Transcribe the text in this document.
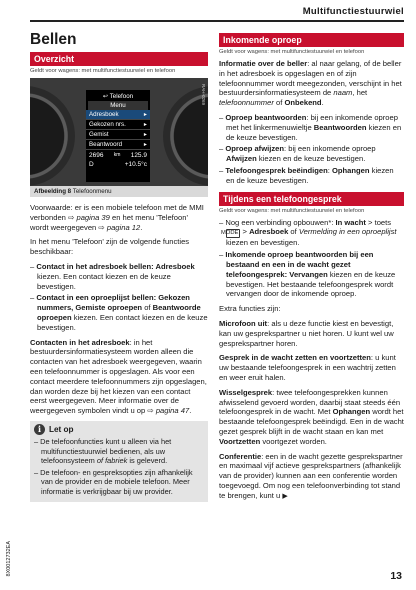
Multifunctiestuurwiel
Bellen
Overzicht
Geldt voor wagens: met multifunctiestuurwiel en telefoon
↩ Telefoon
Menu
Adresboek	▸
Gekozen nrs.	▸
Gemist	▸
Beantwoord	▸
2696 km 125.9
D	+10.5°c
RAH-0269
Afbeelding 8 Telefoonmenu

Voorwaarde: er is een mobiele telefoon met de MMI verbonden ⇨ pagina 39 en het menu 'Telefoon' wordt weergegeven ⇨ pagina 12.

In het menu 'Telefoon' zijn de volgende functies beschikbaar:

– Contact in het adresboek bellen: Adresboek kiezen. Een contact kiezen en de keuze bevestigen.
– Contact in een oproeplijst bellen: Gekozen nummers, Gemiste oproepen of Beantwoorde oproepen kiezen. Een contact kiezen en de keuze bevestigen.

Contacten in het adresboek: in het bestuurdersinformatiesysteem worden alleen die contacten van het adresboek weergegeven, waarin een telefoonnummer is opgeslagen. Als voor een contact meerdere telefoonnummers zijn opgeslagen, dan worden deze bij het kiezen van een contact eerst weergegeven. Meer informatie over de weergegeven symbolen vindt u op ⇨ pagina 47.

i Let op
– De telefoonfuncties kunt u alleen via het multifunctiestuurwiel bedienen, als uw telefoonsysteem of fabriek is geleverd.
– De telefoon- en gespreksopties zijn afhankelijk van de provider en de mobiele telefoon. Meer informatie is verkrijgbaar bij uw provider.
Inkomende oproep
Geldt voor wagens: met multifunctiestuurwiel en telefoon

Informatie over de beller: al naar gelang, of de beller in het adresboek is opgeslagen en of zijn telefoonnummer wordt meegezonden, verschijnt in het bestuurdersinformatiesysteem de naam, het telefoonnummer of Onbekend.

– Oproep beantwoorden: bij een inkomende oproep met het linkermenuwieltje Beantwoorden kiezen en de keuze bevestigen.
– Oproep afwijzen: bij een inkomende oproep Afwijzen kiezen en de keuze bevestigen.
– Telefoongesprek beëindigen: Ophangen kiezen en de keuze bevestigen.
Tijdens een telefoongesprek
Geldt voor wagens: met multifunctiestuurwiel en telefoon
– Nog een verbinding opbouwen*: In wacht > toets MODE > Adresboek of Vermelding in een oproeplijst kiezen en bevestigen.
– Inkomende oproep beantwoorden bij een bestaand en een in de wacht gezet telefoongesprek: Vervangen kiezen en de keuze bevestigen. Het bestaande telefoongesprek wordt vervangen door de inkomende oproep.

Extra functies zijn:

Microfoon uit: als u deze functie kiest en bevestigt, kan uw gesprekspartner u niet horen. U kunt wel uw gesprekspartner horen.

Gesprek in de wacht zetten en voortzetten: u kunt uw bestaande telefoongesprek in een wachtrij zetten en weer eruit halen.

Wisselgesprek: twee telefoongesprekken kunnen afwisselend gevoerd worden, daarbij staat steeds één telefoongesprek in de wacht. Met Ophangen wordt het bestaande telefoongesprek beëindigd. Een in de wacht gezet gesprek blijft in de wacht staan en kan met Voortzetten voortgezet worden.

Conferentie: een in de wacht gezette gesprekspartner en maximaal vijf actieve gesprekspartners (afhankelijk van de provider) kunnen aan een conferentie worden toegevoegd. Om nog een telefoonverbinding tot stand te brengen, kunt u ▶

8X0012732EA	13
